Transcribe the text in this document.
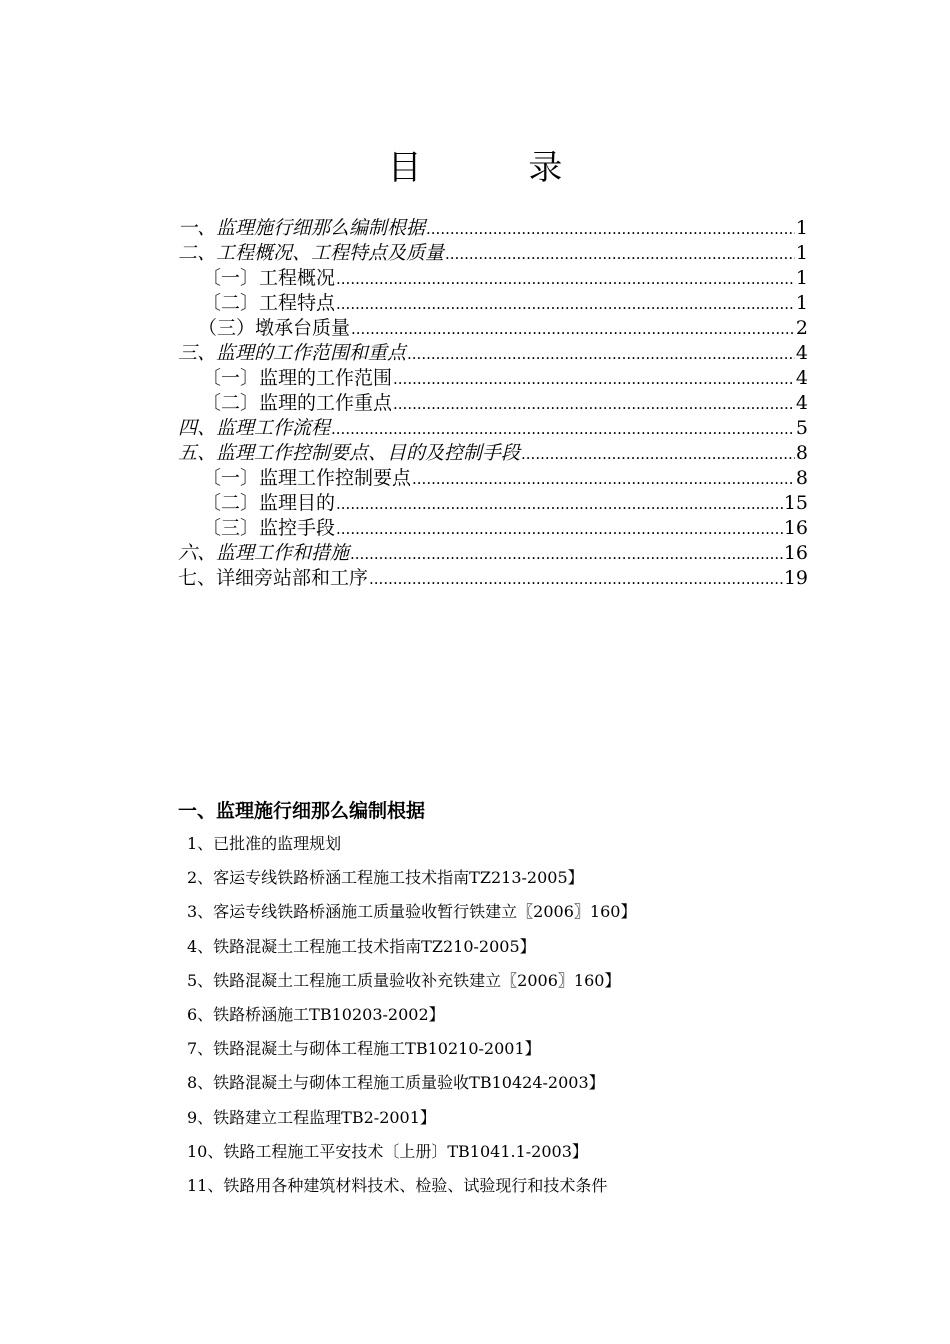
目 录
一、监理施行细那么编制根据 .....	1
二、工程概况、工程特点及质量 .....	1
〔一〕工程概况 .....	1
〔二〕工程特点 .....	1
（三）墩承台质量 .....	2
三、监理的工作范围和重点 .....	4
〔一〕监理的工作范围 .....	4
〔二〕监理的工作重点 .....	4
四、监理工作流程 .....	5
五、监理工作控制要点、目的及控制手段 .....	8
〔一〕监理工作控制要点 .....	8
〔二〕监理目的 .....	15
〔三〕监控手段 .....	16
六、监理工作和措施 .....	16
七、详细旁站部和工序 .....	19
一、监理施行细那么编制根据
1、已批准的监理规划
2、客运专线铁路桥涵工程施工技术指南TZ213-2005】
3、客运专线铁路桥涵施工质量验收暂行铁建立〖2006〗160】
4、铁路混凝土工程施工技术指南TZ210-2005】
5、铁路混凝土工程施工质量验收补充铁建立〖2006〗160】
6、铁路桥涵施工TB10203-2002】
7、铁路混凝土与砌体工程施工TB10210-2001】
8、铁路混凝土与砌体工程施工质量验收TB10424-2003】
9、铁路建立工程监理TB2-2001】
10、铁路工程施工平安技术〔上册〕TB1041.1-2003】
11、铁路用各种建筑材料技术、检验、试验现行和技术条件
